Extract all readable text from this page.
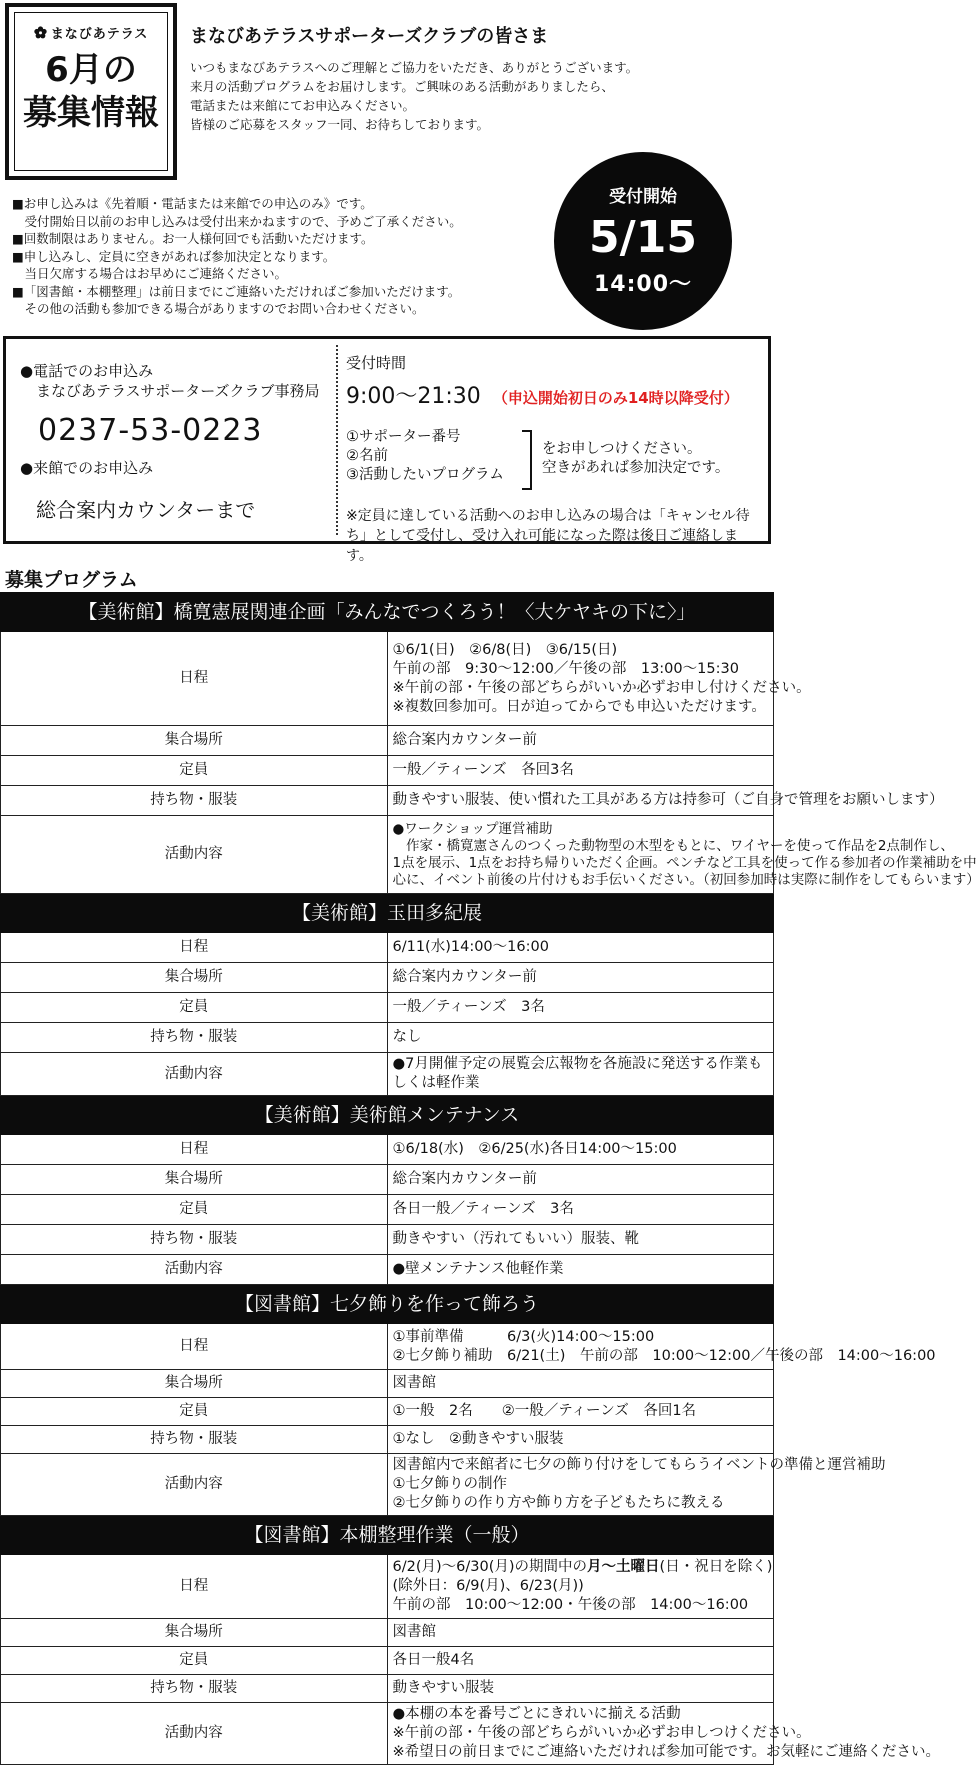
まなびあテラス
6月の
募集情報
まなびあテラスサポーターズクラブの皆さま
いつもまなびあテラスへのご理解とご協力をいただき、ありがとうございます。
来月の活動プログラムをお届けします。ご興味のある活動がありましたら、
電話または来館にてお申込みください。
皆様のご応募をスタッフ一同、お待ちしております。
■お申し込みは《先着順・電話または来館での申込のみ》です。
　受付開始日以前のお申し込みは受付出来かねますので、予めご了承ください。
■回数制限はありません。お一人様何回でも活動いただけます。
■申し込みし、定員に空きがあれば参加決定となります。
　当日欠席する場合はお早めにご連絡ください。
■「図書館・本棚整理」は前日までにご連絡いただければご参加いただけます。
　その他の活動も参加できる場合がありますのでお問い合わせください。
受付開始
5/15
14:00〜
●電話でのお申込み
まなびあテラスサポーターズクラブ事務局
0237-53-0223
●来館でのお申込み
総合案内カウンターまで
受付時間
9:00〜21:30 （申込開始初日のみ14時以降受付）
①サポーター番号
②名前
③活動したいプログラム
をお申しつけください。
空きがあれば参加決定です。
※定員に達している活動へのお申し込みの場合は「キャンセル待ち」として受付し、受け入れ可能になった際は後日ご連絡します。
募集プログラム
【美術館】橋寛憲展関連企画「みんなでつくろう！〈大ケヤキの下に〉」	
日程	①6/1(日)　②6/8(日)　③6/15(日)
午前の部　9:30〜12:00／午後の部　13:00〜15:30
※午前の部・午後の部どちらがいいか必ずお申し付けください。
※複数回参加可。日が迫ってからでも申込いただけます。

集合場所	総合案内カウンター前
定員	一般／ティーンズ　各回3名
持ち物・服装	動きやすい服装、使い慣れた工具がある方は持参可（ご自身で管理をお願いします）
活動内容	●ワークショップ運営補助
　作家・橋寛憲さんのつくった動物型の木型をもとに、ワイヤーを使って作品を2点制作し、
1点を展示、1点をお持ち帰りいただく企画。ペンチなど工具を使って作る参加者の作業補助を中
心に、イベント前後の片付けもお手伝いください。（初回参加時は実際に制作をしてもらいます）

【美術館】玉田多紀展	
日程	6/11(水)14:00〜16:00
集合場所	総合案内カウンター前
定員	一般／ティーンズ　3名
持ち物・服装	なし
活動内容	●7月開催予定の展覧会広報物を各施設に発送する作業もしくは軽作業
【美術館】美術館メンテナンス	
日程	①6/18(水)　②6/25(水)各日14:00〜15:00
集合場所	総合案内カウンター前
定員	各日一般／ティーンズ　3名
持ち物・服装	動きやすい（汚れてもいい）服装、靴
活動内容	●壁メンテナンス他軽作業
【図書館】七夕飾りを作って飾ろう	
日程	①事前準備　　　6/3(火)14:00〜15:00
②七夕飾り補助　6/21(土)　午前の部　10:00〜12:00／午後の部　14:00〜16:00

集合場所	図書館
定員	①一般　2名　　②一般／ティーンズ　各回1名
持ち物・服装	①なし　②動きやすい服装
活動内容	図書館内で来館者に七夕の飾り付けをしてもらうイベントの準備と運営補助
①七夕飾りの制作
②七夕飾りの作り方や飾り方を子どもたちに教える

【図書館】本棚整理作業（一般）	
日程	6/2(月)〜6/30(月)の期間中の月〜土曜日(日・祝日を除く)
(除外日：6/9(月)、6/23(月))
午前の部　10:00〜12:00・午後の部　14:00〜16:00

集合場所	図書館
定員	各日一般4名
持ち物・服装	動きやすい服装
活動内容	●本棚の本を番号ごとにきれいに揃える活動
※午前の部・午後の部どちらがいいか必ずお申しつけください。
※希望日の前日までにご連絡いただければ参加可能です。お気軽にご連絡ください。
